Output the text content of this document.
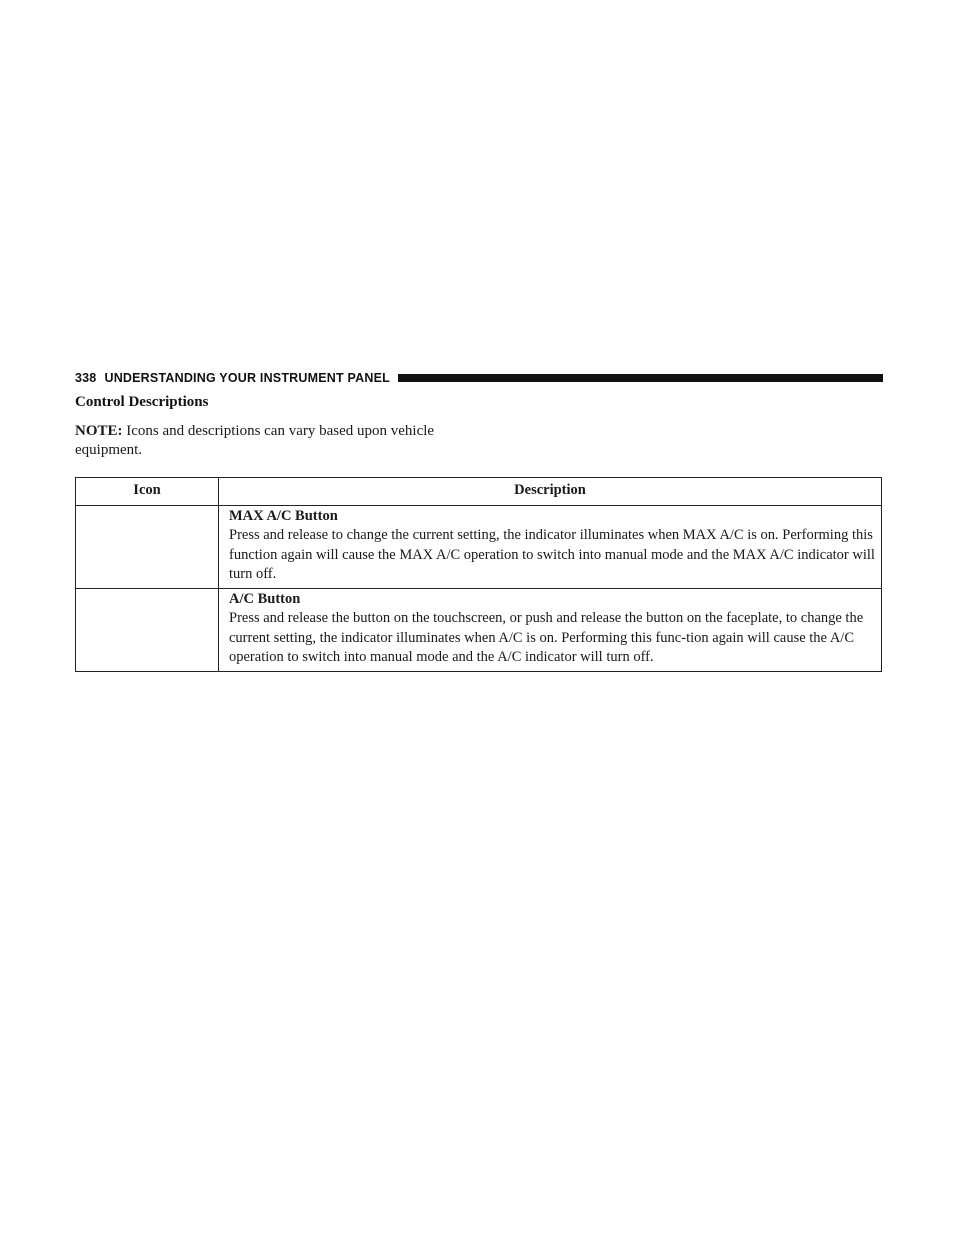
338 UNDERSTANDING YOUR INSTRUMENT PANEL
Control Descriptions
NOTE: Icons and descriptions can vary based upon vehicle equipment.
Icon	Description

	MAX A/C Button
Press and release to change the current setting, the indicator illuminates when MAX A/C is on. Performing this function again will cause the MAX A/C operation to switch into manual mode and the MAX A/C indicator will turn off.

	A/C Button
Press and release the button on the touchscreen, or push and release the button on the faceplate, to change the current setting, the indicator illuminates when A/C is on. Performing this func-tion again will cause the A/C operation to switch into manual mode and the A/C indicator will turn off.
